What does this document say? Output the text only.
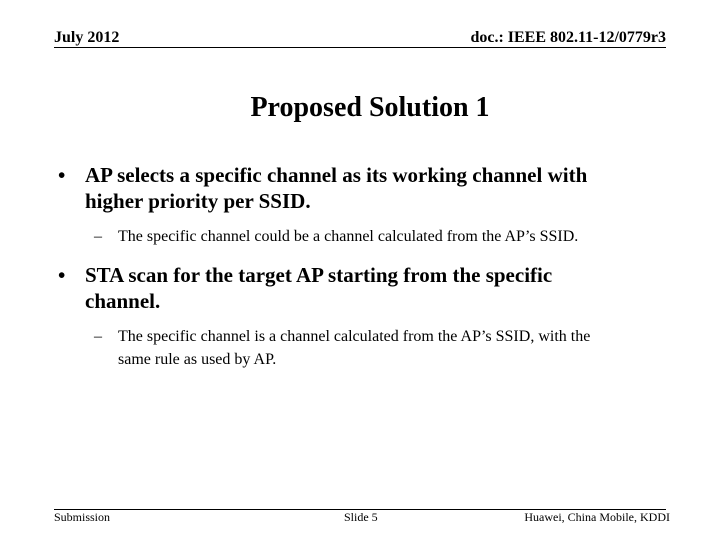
July 2012	doc.: IEEE 802.11-12/0779r3
Proposed Solution 1
• AP selects a specific channel as its working channel with higher priority per SSID.
– The specific channel could be a channel calculated from the AP’s SSID.
• STA scan for the target AP starting from the specific channel.
– The specific channel is a channel calculated from the AP’s SSID, with the same rule as used by AP.
Submission	Slide 5	Huawei, China Mobile, KDDI
